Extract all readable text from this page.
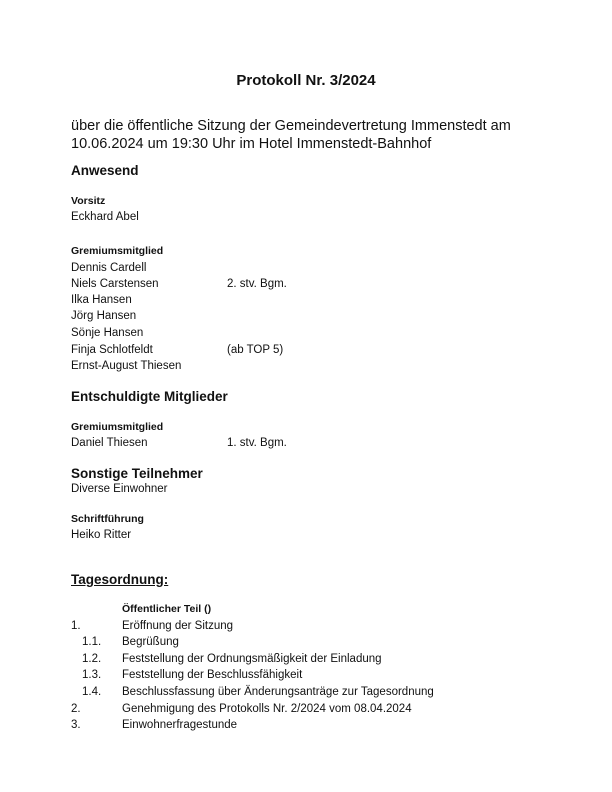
Protokoll Nr. 3/2024
über die öffentliche Sitzung der Gemeindevertretung Immenstedt am
10.06.2024 um 19:30 Uhr im Hotel Immenstedt-Bahnhof
Anwesend
Vorsitz
Eckhard Abel
Gremiumsmitglied
Dennis Cardell
Niels Carstensen	2. stv. Bgm.
Ilka Hansen
Jörg Hansen
Sönje Hansen
Finja Schlotfeldt	(ab TOP 5)
Ernst-August Thiesen
Entschuldigte Mitglieder
Gremiumsmitglied
Daniel Thiesen	1. stv. Bgm.
Sonstige Teilnehmer
Diverse Einwohner
Schriftführung
Heiko Ritter
Tagesordnung:
Öffentlicher Teil ()
1.	Eröffnung der Sitzung
1.1. Begrüßung
1.2. Feststellung der Ordnungsmäßigkeit der Einladung
1.3. Feststellung der Beschlussfähigkeit
1.4. Beschlussfassung über Änderungsanträge zur Tagesordnung
2.	Genehmigung des Protokolls Nr. 2/2024 vom 08.04.2024
3.	Einwohnerfragestunde
